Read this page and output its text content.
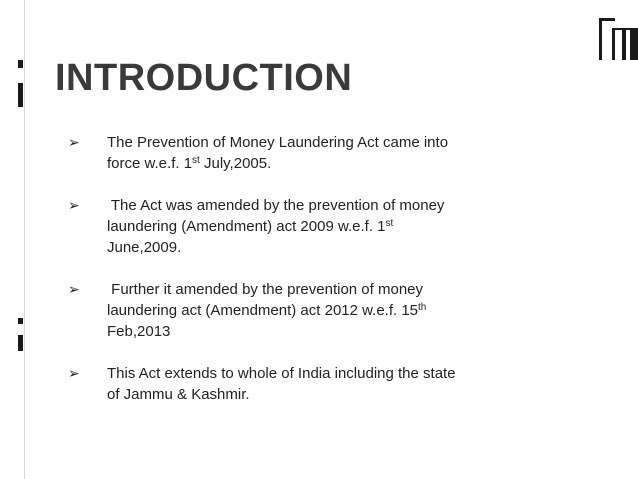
INTRODUCTION
➢ The Prevention of Money Laundering Act came into
force w.e.f. 1st July,2005.
➢ The Act was amended by the prevention of money
laundering (Amendment) act 2009 w.e.f. 1st
June,2009.
➢ Further it amended by the prevention of money
laundering act (Amendment) act 2012 w.e.f. 15th
Feb,2013
➢ This Act extends to whole of India including the state
of Jammu & Kashmir.
